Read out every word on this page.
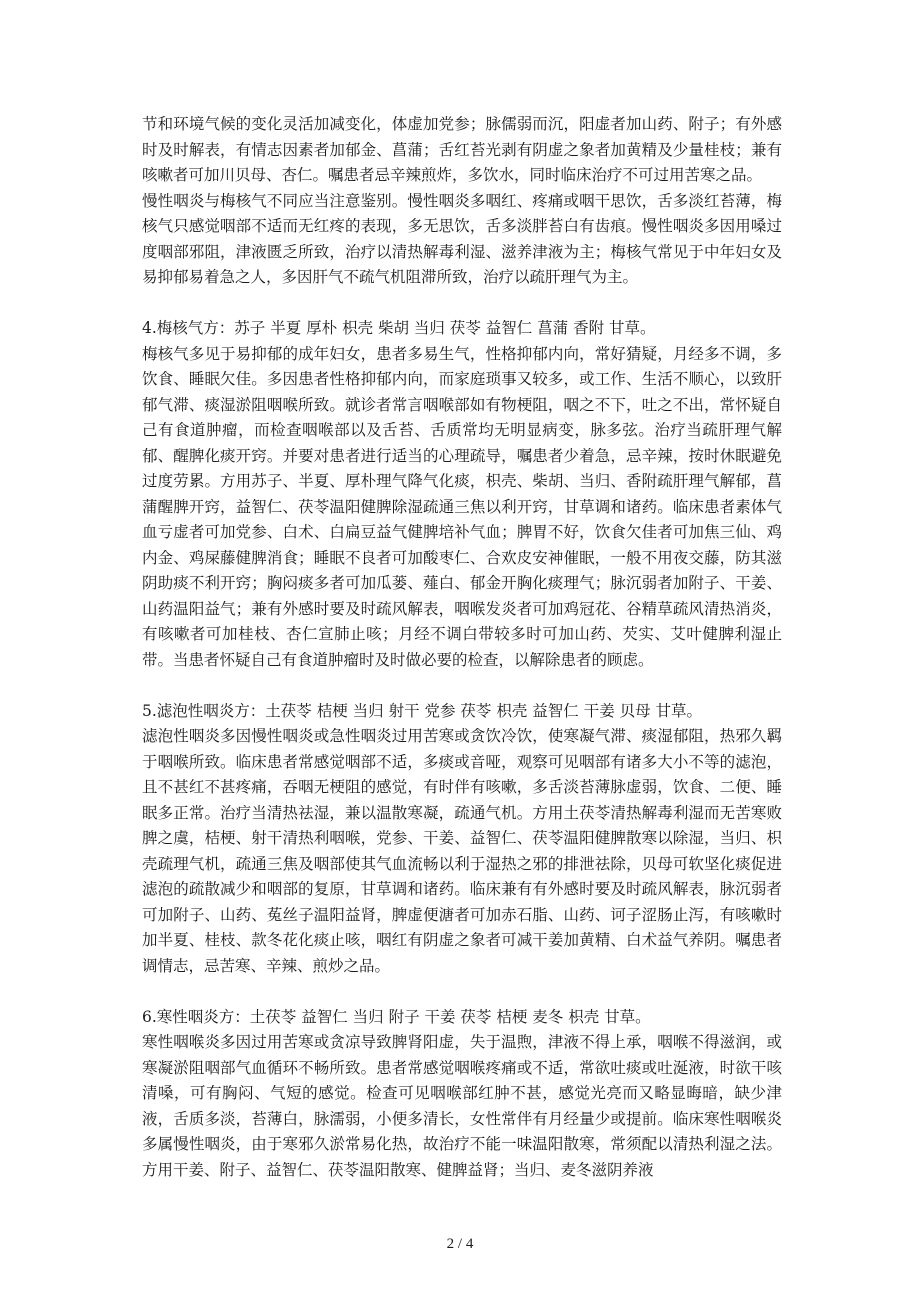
节和环境气候的变化灵活加减变化，体虚加党参；脉儒弱而沉，阳虚者加山药、附子；有外感时及时解表，有情志因素者加郁金、菖蒲；舌红苔光剥有阴虚之象者加黄精及少量桂枝；兼有咳嗽者可加川贝母、杏仁。嘱患者忌辛辣煎炸，多饮水，同时临床治疗不可过用苦寒之品。

慢性咽炎与梅核气不同应当注意鉴别。慢性咽炎多咽红、疼痛或咽干思饮，舌多淡红苔薄，梅核气只感觉咽部不适而无红疼的表现，多无思饮，舌多淡胖苔白有齿痕。慢性咽炎多因用嗓过度咽部邪阻，津液匮乏所致，治疗以清热解毒利湿、滋养津液为主；梅核气常见于中年妇女及易抑郁易着急之人，多因肝气不疏气机阻滞所致，治疗以疏肝理气为主。

4.梅核气方：苏子 半夏 厚朴 枳壳 柴胡 当归 茯苓 益智仁 菖蒲 香附 甘草。

梅核气多见于易抑郁的成年妇女，患者多易生气，性格抑郁内向，常好猜疑，月经多不调，多饮食、睡眠欠佳。多因患者性格抑郁内向，而家庭琐事又较多，或工作、生活不顺心，以致肝郁气滞、痰湿淤阻咽喉所致。就诊者常言咽喉部如有物梗阻，咽之不下，吐之不出，常怀疑自己有食道肿瘤，而检查咽喉部以及舌苔、舌质常均无明显病变，脉多弦。治疗当疏肝理气解郁、醒脾化痰开窍。并要对患者进行适当的心理疏导，嘱患者少着急，忌辛辣，按时休眠避免过度劳累。方用苏子、半夏、厚朴理气降气化痰，枳壳、柴胡、当归、香附疏肝理气解郁，菖蒲醒脾开窍，益智仁、茯苓温阳健脾除湿疏通三焦以利开窍，甘草调和诸药。临床患者素体气血亏虚者可加党参、白术、白扁豆益气健脾培补气血；脾胃不好，饮食欠佳者可加焦三仙、鸡内金、鸡屎藤健脾消食；睡眠不良者可加酸枣仁、合欢皮安神催眠，一般不用夜交藤，防其滋阴助痰不利开窍；胸闷痰多者可加瓜蒌、薤白、郁金开胸化痰理气；脉沉弱者加附子、干姜、山药温阳益气；兼有外感时要及时疏风解表，咽喉发炎者可加鸡冠花、谷精草疏风清热消炎，有咳嗽者可加桂枝、杏仁宣肺止咳；月经不调白带较多时可加山药、芡实、艾叶健脾利湿止带。当患者怀疑自己有食道肿瘤时及时做必要的检查，以解除患者的顾虑。

5.滤泡性咽炎方：土茯苓 桔梗 当归 射干 党参 茯苓 枳壳 益智仁 干姜 贝母 甘草。

滤泡性咽炎多因慢性咽炎或急性咽炎过用苦寒或贪饮冷饮，使寒凝气滞、痰湿郁阻，热邪久羁于咽喉所致。临床患者常感觉咽部不适，多痰或音哑，观察可见咽部有诸多大小不等的滤泡，且不甚红不甚疼痛，吞咽无梗阻的感觉，有时伴有咳嗽，多舌淡苔薄脉虚弱，饮食、二便、睡眠多正常。治疗当清热祛湿，兼以温散寒凝，疏通气机。方用土茯苓清热解毒利湿而无苦寒败脾之虞，桔梗、射干清热利咽喉，党参、干姜、益智仁、茯苓温阳健脾散寒以除湿，当归、枳壳疏理气机，疏通三焦及咽部使其气血流畅以利于湿热之邪的排泄祛除，贝母可软坚化痰促进滤泡的疏散减少和咽部的复原，甘草调和诸药。临床兼有有外感时要及时疏风解表，脉沉弱者可加附子、山药、菟丝子温阳益肾，脾虚便溏者可加赤石脂、山药、诃子涩肠止泻，有咳嗽时加半夏、桂枝、款冬花化痰止咳，咽红有阴虚之象者可减干姜加黄精、白术益气养阴。嘱患者调情志，忌苦寒、辛辣、煎炒之品。

6.寒性咽炎方：土茯苓 益智仁 当归 附子 干姜 茯苓 桔梗 麦冬 枳壳 甘草。

寒性咽喉炎多因过用苦寒或贪凉导致脾肾阳虚，失于温煦，津液不得上承，咽喉不得滋润，或寒凝淤阻咽部气血循环不畅所致。患者常感觉咽喉疼痛或不适，常欲吐痰或吐涎液，时欲干咳清嗓，可有胸闷、气短的感觉。检查可见咽喉部红肿不甚，感觉光亮而又略显晦暗，缺少津液，舌质多淡，苔薄白，脉濡弱，小便多清长，女性常伴有月经量少或提前。临床寒性咽喉炎多属慢性咽炎，由于寒邪久淤常易化热，故治疗不能一味温阳散寒，常须配以清热利湿之法。方用干姜、附子、益智仁、茯苓温阳散寒、健脾益肾；当归、麦冬滋阴养液

2 / 4
